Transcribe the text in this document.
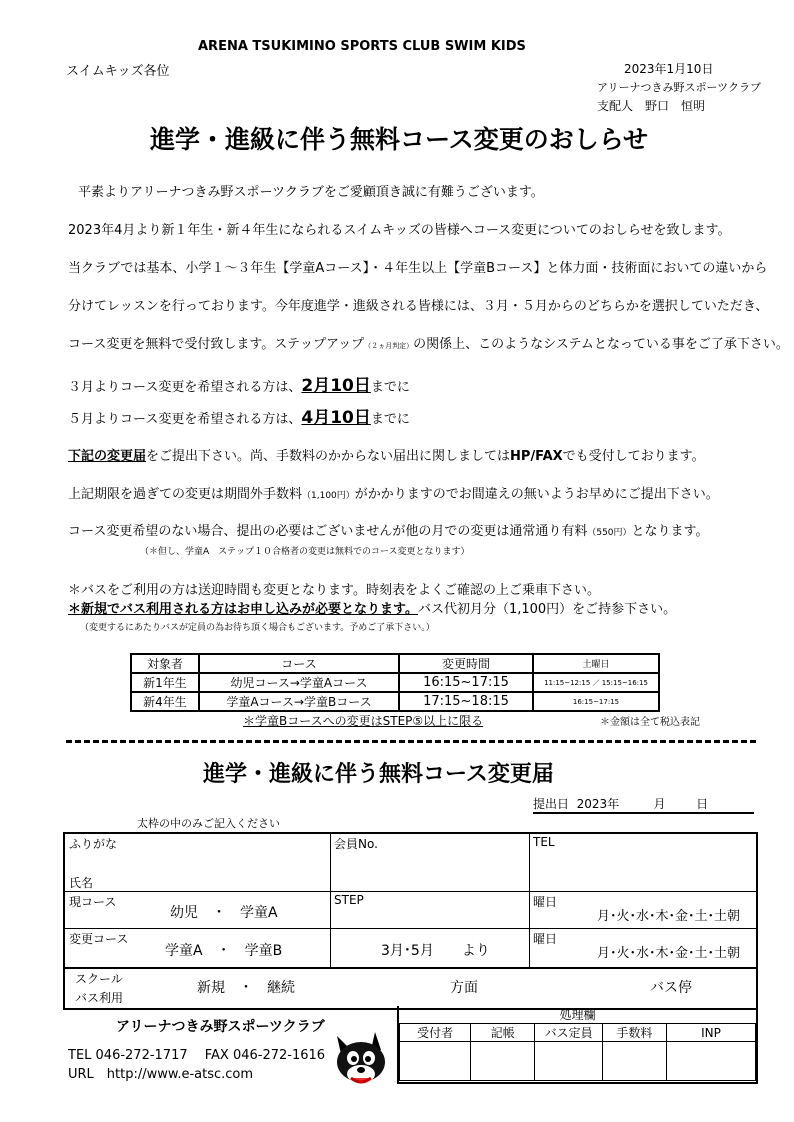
ARENA TSUKIMINO SPORTS CLUB SWIM KIDS
スイムキッズ各位	2023年1月10日
アリーナつきみ野スポーツクラブ
支配人　野口　恒明
進学・進級に伴う無料コース変更のおしらせ
平素よりアリーナつきみ野スポーツクラブをご愛顧頂き誠に有難うございます。
2023年4月より新１年生・新４年生になられるスイムキッズの皆様へコース変更についてのおしらせを致します。
当クラブでは基本、小学１～３年生【学童Aコース】・４年生以上【学童Bコース】と体力面・技術面においての違いから
分けてレッスンを行っております。今年度進学・進級される皆様には、３月・５月からのどちらかを選択していただき、
コース変更を無料で受付致します。ステップアップ（２ヵ月判定）の関係上、このようなシステムとなっている事をご了承下さい。
３月よりコース変更を希望される方は、2月10日までに
５月よりコース変更を希望される方は、4月10日までに
下記の変更届をご提出下さい。尚、手数料のかからない届出に関しましてはHP/FAXでも受付しております。
上記期限を過ぎての変更は期間外手数料（1,100円）がかかりますのでお間違えの無いようお早めにご提出下さい。
コース変更希望のない場合、提出の必要はございませんが他の月での変更は通常通り有料（550円）となります。
（＊但し、学童A　ステップ１０合格者の変更は無料でのコース変更となります）
＊バスをご利用の方は送迎時間も変更となります。時刻表をよくご確認の上ご乗車下さい。
＊新規でバス利用される方はお申し込みが必要となります。バス代初月分（1,100円）をご持参下さい。
（変更するにあたりバスが定員の為お待ち頂く場合もございます。予めご了承下さい。）
対象者	コース	変更時間	土曜日
新1年生	幼児コース→学童Aコース	16:15~17:15	11:15~12:15 ／ 15:15~16:15
新4年生	学童Aコース→学童Bコース	17:15~18:15	16:15~17:15
＊学童Bコースへの変更はSTEP⑤以上に限る	＊金額は全て税込表記
進学・進級に伴う無料コース変更届
提出日 2023年	月	日
太枠の中のみご記入ください
ふりがな
氏名
会員No.	TEL
現コース
幼児　・　学童A
STEP	曜日
月･火･水･木･金･土･土朝
変更コース
学童A　・　学童B	3月･5月　　より
曜日
月･火･水･木･金･土･土朝
スクール
バス利用
新規　・　継続	方面	バス停
アリーナつきみ野スポーツクラブ
TEL 046-272-1717　 FAX 046-272-1616
URL　http://www.e-atsc.com
処理欄				
受付者	記帳	バス定員	手数料	INP
